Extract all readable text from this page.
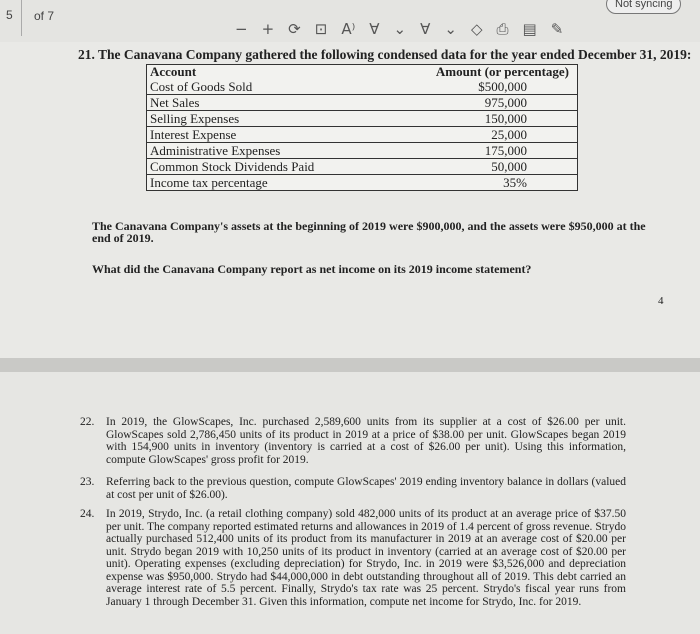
5	of 7
− + ⟳ ⊡ A⁾ ∀ ⌄ ∀ ⌄ ◇ ⎙ ▤ ✎
Not syncing
21. The Canavana Company gathered the following condensed data for the year ended December 31, 2019:
Account	Amount (or percentage)
Cost of Goods Sold	$500,000
Net Sales	975,000
Selling Expenses	150,000
Interest Expense	25,000
Administrative Expenses	175,000
Common Stock Dividends Paid	50,000
Income tax percentage	35%
The Canavana Company's assets at the beginning of 2019 were $900,000, and the assets were $950,000 at the end of 2019.
What did the Canavana Company report as net income on its 2019 income statement?
4
22. In 2019, the GlowScapes, Inc. purchased 2,589,600 units from its supplier at a cost of $26.00 per unit. GlowScapes sold 2,786,450 units of its product in 2019 at a price of $38.00 per unit. GlowScapes began 2019 with 154,900 units in inventory (inventory is carried at a cost of $26.00 per unit). Using this information, compute GlowScapes' gross profit for 2019.
23. Referring back to the previous question, compute GlowScapes' 2019 ending inventory balance in dollars (valued at cost per unit of $26.00).
24. In 2019, Strydo, Inc. (a retail clothing company) sold 482,000 units of its product at an average price of $37.50 per unit. The company reported estimated returns and allowances in 2019 of 1.4 percent of gross revenue. Strydo actually purchased 512,400 units of its product from its manufacturer in 2019 at an average cost of $20.00 per unit. Strydo began 2019 with 10,250 units of its product in inventory (carried at an average cost of $20.00 per unit). Operating expenses (excluding depreciation) for Strydo, Inc. in 2019 were $3,526,000 and depreciation expense was $950,000. Strydo had $44,000,000 in debt outstanding throughout all of 2019. This debt carried an average interest rate of 5.5 percent. Finally, Strydo's tax rate was 25 percent. Strydo's fiscal year runs from January 1 through December 31. Given this information, compute net income for Strydo, Inc. for 2019.
